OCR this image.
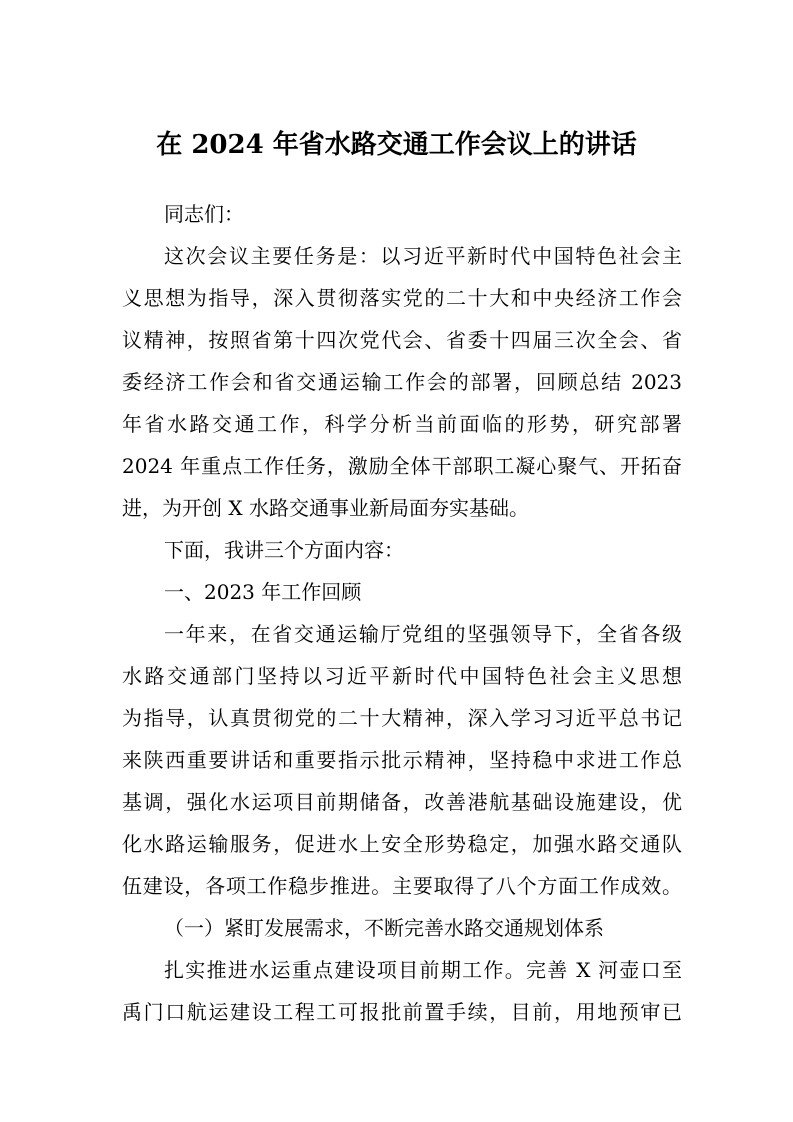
在 2024 年省水路交通工作会议上的讲话

同志们：

这次会议主要任务是：以习近平新时代中国特色社会主

义思想为指导，深入贯彻落实党的二十大和中央经济工作会

议精神，按照省第十四次党代会、省委十四届三次全会、省

委经济工作会和省交通运输工作会的部署，回顾总结 2023

年省水路交通工作，科学分析当前面临的形势，研究部署

2024 年重点工作任务，激励全体干部职工凝心聚气、开拓奋

进，为开创 X 水路交通事业新局面夯实基础。

下面，我讲三个方面内容：

一、2023 年工作回顾

一年来，在省交通运输厅党组的坚强领导下，全省各级

水路交通部门坚持以习近平新时代中国特色社会主义思想

为指导，认真贯彻党的二十大精神，深入学习习近平总书记

来陕西重要讲话和重要指示批示精神，坚持稳中求进工作总

基调，强化水运项目前期储备，改善港航基础设施建设，优

化水路运输服务，促进水上安全形势稳定，加强水路交通队

伍建设，各项工作稳步推进。主要取得了八个方面工作成效。

（一）紧盯发展需求，不断完善水路交通规划体系

扎实推进水运重点建设项目前期工作。完善 X 河壶口至

禹门口航运建设工程工可报批前置手续，目前，用地预审已
